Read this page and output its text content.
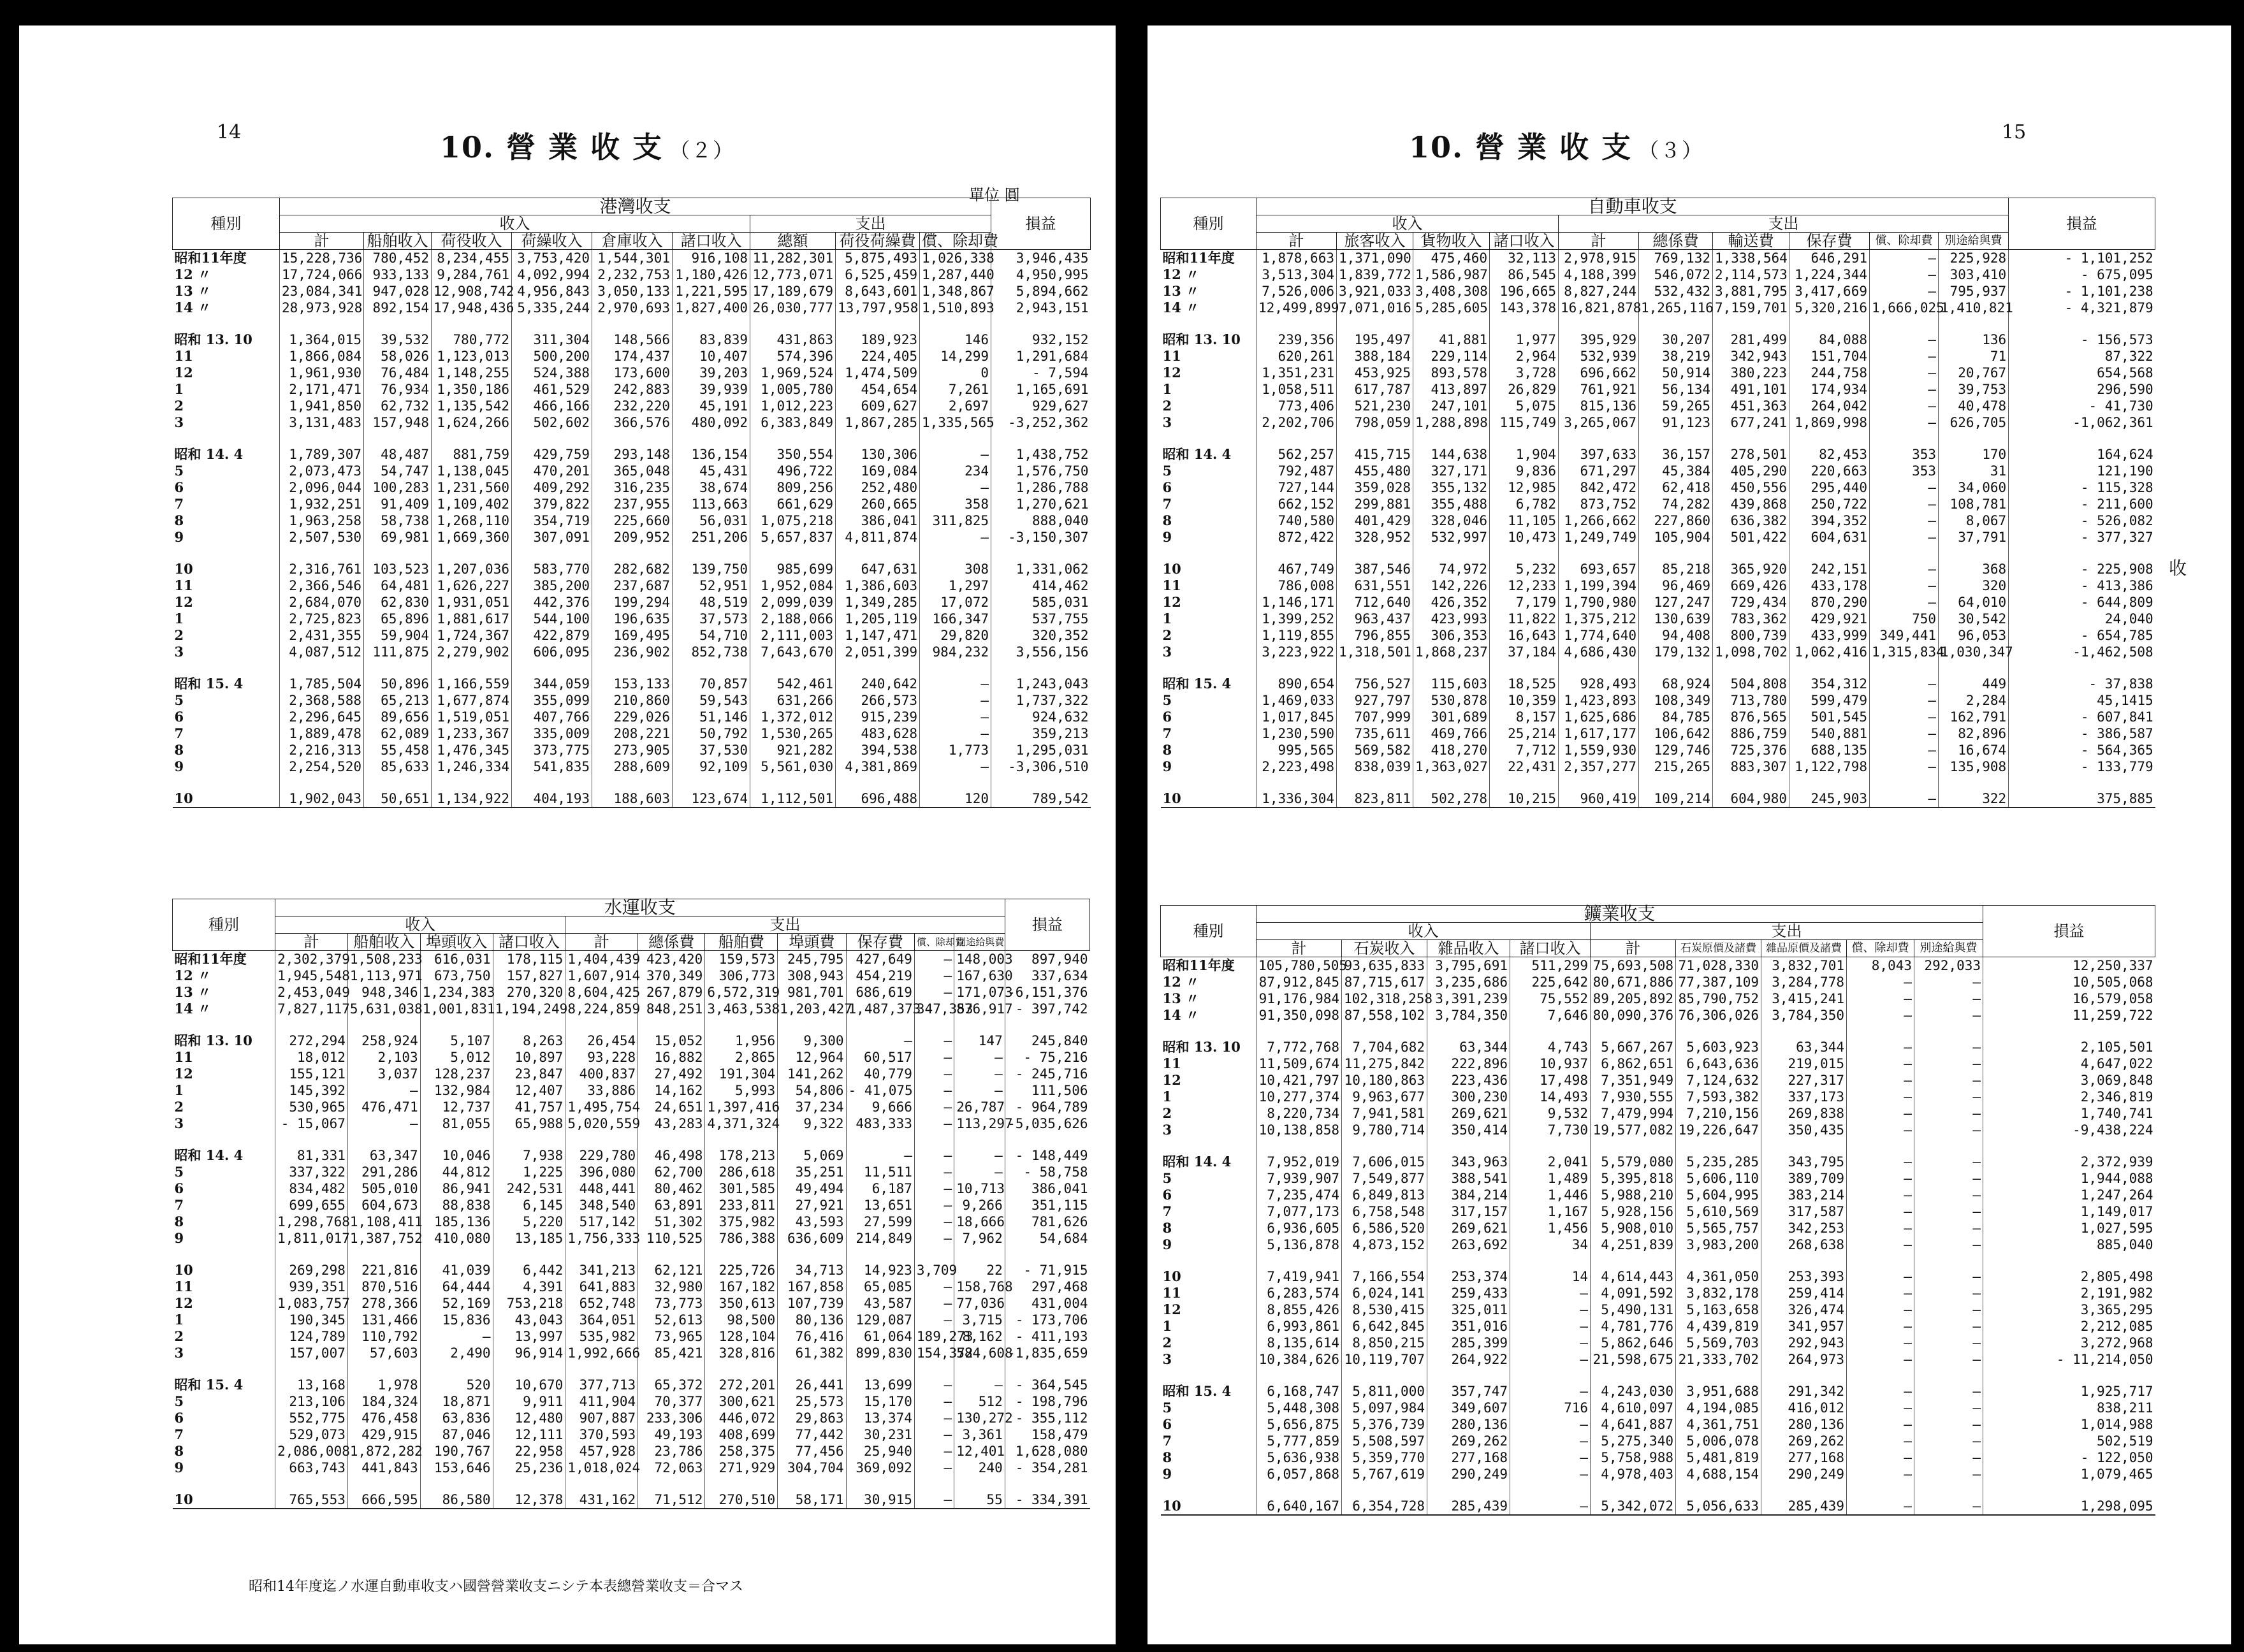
14	10. 營 業 收 支 （２）
單位 圓
種別	港灣收支									損益
	收入						支出			
	計	船舶收入	荷役收入	荷繰收入	倉庫收入	諸口收入	總額	荷役荷繰費	償、除却費	
昭和11年度	15,228,736	780,452	8,234,455	3,753,420	1,544,301	916,108	11,282,301	5,875,493	1,026,338	3,946,435
12 〃	17,724,066	933,133	9,284,761	4,092,994	2,232,753	1,180,426	12,773,071	6,525,459	1,287,440	4,950,995
13 〃	23,084,341	947,028	12,908,742	4,956,843	3,050,133	1,221,595	17,189,679	8,643,601	1,348,867	5,894,662
14 〃	28,973,928	892,154	17,948,436	5,335,244	2,970,693	1,827,400	26,030,777	13,797,958	1,510,893	2,943,151

昭和 13. 10	1,364,015	39,532	780,772	311,304	148,566	83,839	431,863	189,923	146	932,152
11	1,866,084	58,026	1,123,013	500,200	174,437	10,407	574,396	224,405	14,299	1,291,684
12	1,961,930	76,484	1,148,255	524,388	173,600	39,203	1,969,524	1,474,509	0	- 7,594
1	2,171,471	76,934	1,350,186	461,529	242,883	39,939	1,005,780	454,654	7,261	1,165,691
2	1,941,850	62,732	1,135,542	466,166	232,220	45,191	1,012,223	609,627	2,697	929,627
3	3,131,483	157,948	1,624,266	502,602	366,576	480,092	6,383,849	1,867,285	1,335,565	-3,252,362

昭和 14. 4	1,789,307	48,487	881,759	429,759	293,148	136,154	350,554	130,306	—	1,438,752
5	2,073,473	54,747	1,138,045	470,201	365,048	45,431	496,722	169,084	234	1,576,750
6	2,096,044	100,283	1,231,560	409,292	316,235	38,674	809,256	252,480	—	1,286,788
7	1,932,251	91,409	1,109,402	379,822	237,955	113,663	661,629	260,665	358	1,270,621
8	1,963,258	58,738	1,268,110	354,719	225,660	56,031	1,075,218	386,041	311,825	888,040
9	2,507,530	69,981	1,669,360	307,091	209,952	251,206	5,657,837	4,811,874	—	-3,150,307

10	2,316,761	103,523	1,207,036	583,770	282,682	139,750	985,699	647,631	308	1,331,062
11	2,366,546	64,481	1,626,227	385,200	237,687	52,951	1,952,084	1,386,603	1,297	414,462
12	2,684,070	62,830	1,931,051	442,376	199,294	48,519	2,099,039	1,349,285	17,072	585,031
1	2,725,823	65,896	1,881,617	544,100	196,635	37,573	2,188,066	1,205,119	166,347	537,755
2	2,431,355	59,904	1,724,367	422,879	169,495	54,710	2,111,003	1,147,471	29,820	320,352
3	4,087,512	111,875	2,279,902	606,095	236,902	852,738	7,643,670	2,051,399	984,232	3,556,156

昭和 15. 4	1,785,504	50,896	1,166,559	344,059	153,133	70,857	542,461	240,642	—	1,243,043
5	2,368,588	65,213	1,677,874	355,099	210,860	59,543	631,266	266,573	—	1,737,322
6	2,296,645	89,656	1,519,051	407,766	229,026	51,146	1,372,012	915,239	—	924,632
7	1,889,478	62,089	1,233,367	335,009	208,221	50,792	1,530,265	483,628	—	359,213
8	2,216,313	55,458	1,476,345	373,775	273,905	37,530	921,282	394,538	1,773	1,295,031
9	2,254,520	85,633	1,246,334	541,835	288,609	92,109	5,561,030	4,381,869	—	-3,306,510

10	1,902,043	50,651	1,134,922	404,193	188,603	123,674	1,112,501	696,488	120	789,542
種別	水運收支											損益
	收入				支出							
	計	船舶收入	埠頭收入	諸口收入	計	總係費	船舶費	埠頭費	保存費	償、除却費	別途給與費	
昭和11年度	2,302,379	1,508,233	616,031	178,115	1,404,439	423,420	159,573	245,795	427,649	—	148,003	897,940
12 〃	1,945,548	1,113,971	673,750	157,827	1,607,914	370,349	306,773	308,943	454,219	—	167,630	337,634
13 〃	2,453,049	948,346	1,234,383	270,320	8,604,425	267,879	6,572,319	981,701	686,619	—	171,073	-6,151,376
14 〃	7,827,117	5,631,038	1,001,831	1,194,249	8,224,859	848,251	3,463,538	1,203,427	1,487,373	347,353	876,917	- 397,742

昭和 13. 10	272,294	258,924	5,107	8,263	26,454	15,052	1,956	9,300	—	—	147	245,840
11	18,012	2,103	5,012	10,897	93,228	16,882	2,865	12,964	60,517	—	—	- 75,216
12	155,121	3,037	128,237	23,847	400,837	27,492	191,304	141,262	40,779	—	—	- 245,716
1	145,392	—	132,984	12,407	33,886	14,162	5,993	54,806	- 41,075	—	—	111,506
2	530,965	476,471	12,737	41,757	1,495,754	24,651	1,397,416	37,234	9,666	—	26,787	- 964,789
3	- 15,067	—	81,055	65,988	5,020,559	43,283	4,371,324	9,322	483,333	—	113,297	-5,035,626

昭和 14. 4	81,331	63,347	10,046	7,938	229,780	46,498	178,213	5,069	—	—	—	- 148,449
5	337,322	291,286	44,812	1,225	396,080	62,700	286,618	35,251	11,511	—	—	- 58,758
6	834,482	505,010	86,941	242,531	448,441	80,462	301,585	49,494	6,187	—	10,713	386,041
7	699,655	604,673	88,838	6,145	348,540	63,891	233,811	27,921	13,651	—	9,266	351,115
8	1,298,768	1,108,411	185,136	5,220	517,142	51,302	375,982	43,593	27,599	—	18,666	781,626
9	1,811,017	1,387,752	410,080	13,185	1,756,333	110,525	786,388	636,609	214,849	—	7,962	54,684

10	269,298	221,816	41,039	6,442	341,213	62,121	225,726	34,713	14,923	3,709	22	- 71,915
11	939,351	870,516	64,444	4,391	641,883	32,980	167,182	167,858	65,085	—	158,768	297,468
12	1,083,757	278,366	52,169	753,218	652,748	73,773	350,613	107,739	43,587	—	77,036	431,004
1	190,345	131,466	15,836	43,043	364,051	52,613	98,500	80,136	129,087	—	3,715	- 173,706
2	124,789	110,792	—	13,997	535,982	73,965	128,104	76,416	61,064	189,273	8,162	- 411,193
3	157,007	57,603	2,490	96,914	1,992,666	85,421	328,816	61,382	899,830	154,372	584,608	-1,835,659

昭和 15. 4	13,168	1,978	520	10,670	377,713	65,372	272,201	26,441	13,699	—	—	- 364,545
5	213,106	184,324	18,871	9,911	411,904	70,377	300,621	25,573	15,170	—	512	- 198,796
6	552,775	476,458	63,836	12,480	907,887	233,306	446,072	29,863	13,374	—	130,272	- 355,112
7	529,073	429,915	87,046	12,111	370,593	49,193	408,699	77,442	30,231	—	3,361	158,479
8	2,086,008	1,872,282	190,767	22,958	457,928	23,786	258,375	77,456	25,940	—	12,401	1,628,080
9	663,743	441,843	153,646	25,236	1,018,024	72,063	271,929	304,704	369,092	—	240	- 354,281

10	765,553	666,595	86,580	12,378	431,162	71,512	270,510	58,171	30,915	—	55	- 334,391
昭和14年度迄ノ水運自動車收支ハ國營營業收支ニシテ本表總營業收支＝合マス
15
10. 營 業 收 支 （３）
收
種別	自動車收支										損益
	收入				支出						
	計	旅客收入	貨物收入	諸口收入	計	總係費	輸送費	保存費	償、除却費	別途給與費	
昭和11年度	1,878,663	1,371,090	475,460	32,113	2,978,915	769,132	1,338,564	646,291	—	225,928	- 1,101,252
12 〃	3,513,304	1,839,772	1,586,987	86,545	4,188,399	546,072	2,114,573	1,224,344	—	303,410	- 675,095
13 〃	7,526,006	3,921,033	3,408,308	196,665	8,827,244	532,432	3,881,795	3,417,669	—	795,937	- 1,101,238
14 〃	12,499,899	7,071,016	5,285,605	143,378	16,821,878	1,265,116	7,159,701	5,320,216	1,666,025	1,410,821	- 4,321,879

昭和 13. 10	239,356	195,497	41,881	1,977	395,929	30,207	281,499	84,088	—	136	- 156,573
11	620,261	388,184	229,114	2,964	532,939	38,219	342,943	151,704	—	71	87,322
12	1,351,231	453,925	893,578	3,728	696,662	50,914	380,223	244,758	—	20,767	654,568
1	1,058,511	617,787	413,897	26,829	761,921	56,134	491,101	174,934	—	39,753	296,590
2	773,406	521,230	247,101	5,075	815,136	59,265	451,363	264,042	—	40,478	- 41,730
3	2,202,706	798,059	1,288,898	115,749	3,265,067	91,123	677,241	1,869,998	—	626,705	-1,062,361

昭和 14. 4	562,257	415,715	144,638	1,904	397,633	36,157	278,501	82,453	353	170	164,624
5	792,487	455,480	327,171	9,836	671,297	45,384	405,290	220,663	353	31	121,190
6	727,144	359,028	355,132	12,985	842,472	62,418	450,556	295,440	—	34,060	- 115,328
7	662,152	299,881	355,488	6,782	873,752	74,282	439,868	250,722	—	108,781	- 211,600
8	740,580	401,429	328,046	11,105	1,266,662	227,860	636,382	394,352	—	8,067	- 526,082
9	872,422	328,952	532,997	10,473	1,249,749	105,904	501,422	604,631	—	37,791	- 377,327

10	467,749	387,546	74,972	5,232	693,657	85,218	365,920	242,151	—	368	- 225,908
11	786,008	631,551	142,226	12,233	1,199,394	96,469	669,426	433,178	—	320	- 413,386
12	1,146,171	712,640	426,352	7,179	1,790,980	127,247	729,434	870,290	—	64,010	- 644,809
1	1,399,252	963,437	423,993	11,822	1,375,212	130,639	783,362	429,921	750	30,542	24,040
2	1,119,855	796,855	306,353	16,643	1,774,640	94,408	800,739	433,999	349,441	96,053	- 654,785
3	3,223,922	1,318,501	1,868,237	37,184	4,686,430	179,132	1,098,702	1,062,416	1,315,834	1,030,347	-1,462,508

昭和 15. 4	890,654	756,527	115,603	18,525	928,493	68,924	504,808	354,312	—	449	- 37,838
5	1,469,033	927,797	530,878	10,359	1,423,893	108,349	713,780	599,479	—	2,284	45,1415
6	1,017,845	707,999	301,689	8,157	1,625,686	84,785	876,565	501,545	—	162,791	- 607,841
7	1,230,590	735,611	469,766	25,214	1,617,177	106,642	886,759	540,881	—	82,896	- 386,587
8	995,565	569,582	418,270	7,712	1,559,930	129,746	725,376	688,135	—	16,674	- 564,365
9	2,223,498	838,039	1,363,027	22,431	2,357,277	215,265	883,307	1,122,798	—	135,908	- 133,779

10	1,336,304	823,811	502,278	10,215	960,419	109,214	604,980	245,903	—	322	375,885
種別	鑛業收支									損益
	收入				支出					
	計	石炭收入	雜品收入	諸口收入	計	石炭原價及諸費	雜品原價及諸費	償、除却費	別途給與費	
昭和11年度	105,780,505	93,635,833	3,795,691	511,299	75,693,508	71,028,330	3,832,701	8,043	292,033	12,250,337
12 〃	87,912,845	87,715,617	3,235,686	225,642	80,671,886	77,387,109	3,284,778	—	—	10,505,068
13 〃	91,176,984	102,318,258	3,391,239	75,552	89,205,892	85,790,752	3,415,241	—	—	16,579,058
14 〃	91,350,098	87,558,102	3,784,350	7,646	80,090,376	76,306,026	3,784,350	—	—	11,259,722

昭和 13. 10	7,772,768	7,704,682	63,344	4,743	5,667,267	5,603,923	63,344	—	—	2,105,501
11	11,509,674	11,275,842	222,896	10,937	6,862,651	6,643,636	219,015	—	—	4,647,022
12	10,421,797	10,180,863	223,436	17,498	7,351,949	7,124,632	227,317	—	—	3,069,848
1	10,277,374	9,963,677	300,230	14,493	7,930,555	7,593,382	337,173	—	—	2,346,819
2	8,220,734	7,941,581	269,621	9,532	7,479,994	7,210,156	269,838	—	—	1,740,741
3	10,138,858	9,780,714	350,414	7,730	19,577,082	19,226,647	350,435	—	—	-9,438,224

昭和 14. 4	7,952,019	7,606,015	343,963	2,041	5,579,080	5,235,285	343,795	—	—	2,372,939
5	7,939,907	7,549,877	388,541	1,489	5,395,818	5,606,110	389,709	—	—	1,944,088
6	7,235,474	6,849,813	384,214	1,446	5,988,210	5,604,995	383,214	—	—	1,247,264
7	7,077,173	6,758,548	317,157	1,167	5,928,156	5,610,569	317,587	—	—	1,149,017
8	6,936,605	6,586,520	269,621	1,456	5,908,010	5,565,757	342,253	—	—	1,027,595
9	5,136,878	4,873,152	263,692	34	4,251,839	3,983,200	268,638	—	—	885,040

10	7,419,941	7,166,554	253,374	14	4,614,443	4,361,050	253,393	—	—	2,805,498
11	6,283,574	6,024,141	259,433	—	4,091,592	3,832,178	259,414	—	—	2,191,982
12	8,855,426	8,530,415	325,011	—	5,490,131	5,163,658	326,474	—	—	3,365,295
1	6,993,861	6,642,845	351,016	—	4,781,776	4,439,819	341,957	—	—	2,212,085
2	8,135,614	8,850,215	285,399	—	5,862,646	5,569,703	292,943	—	—	3,272,968
3	10,384,626	10,119,707	264,922	—	21,598,675	21,333,702	264,973	—	—	- 11,214,050

昭和 15. 4	6,168,747	5,811,000	357,747	—	4,243,030	3,951,688	291,342	—	—	1,925,717
5	5,448,308	5,097,984	349,607	716	4,610,097	4,194,085	416,012	—	—	838,211
6	5,656,875	5,376,739	280,136	—	4,641,887	4,361,751	280,136	—	—	1,014,988
7	5,777,859	5,508,597	269,262	—	5,275,340	5,006,078	269,262	—	—	502,519
8	5,636,938	5,359,770	277,168	—	5,758,988	5,481,819	277,168	—	—	- 122,050
9	6,057,868	5,767,619	290,249	—	4,978,403	4,688,154	290,249	—	—	1,079,465

10	6,640,167	6,354,728	285,439	—	5,342,072	5,056,633	285,439	—	—	1,298,095
